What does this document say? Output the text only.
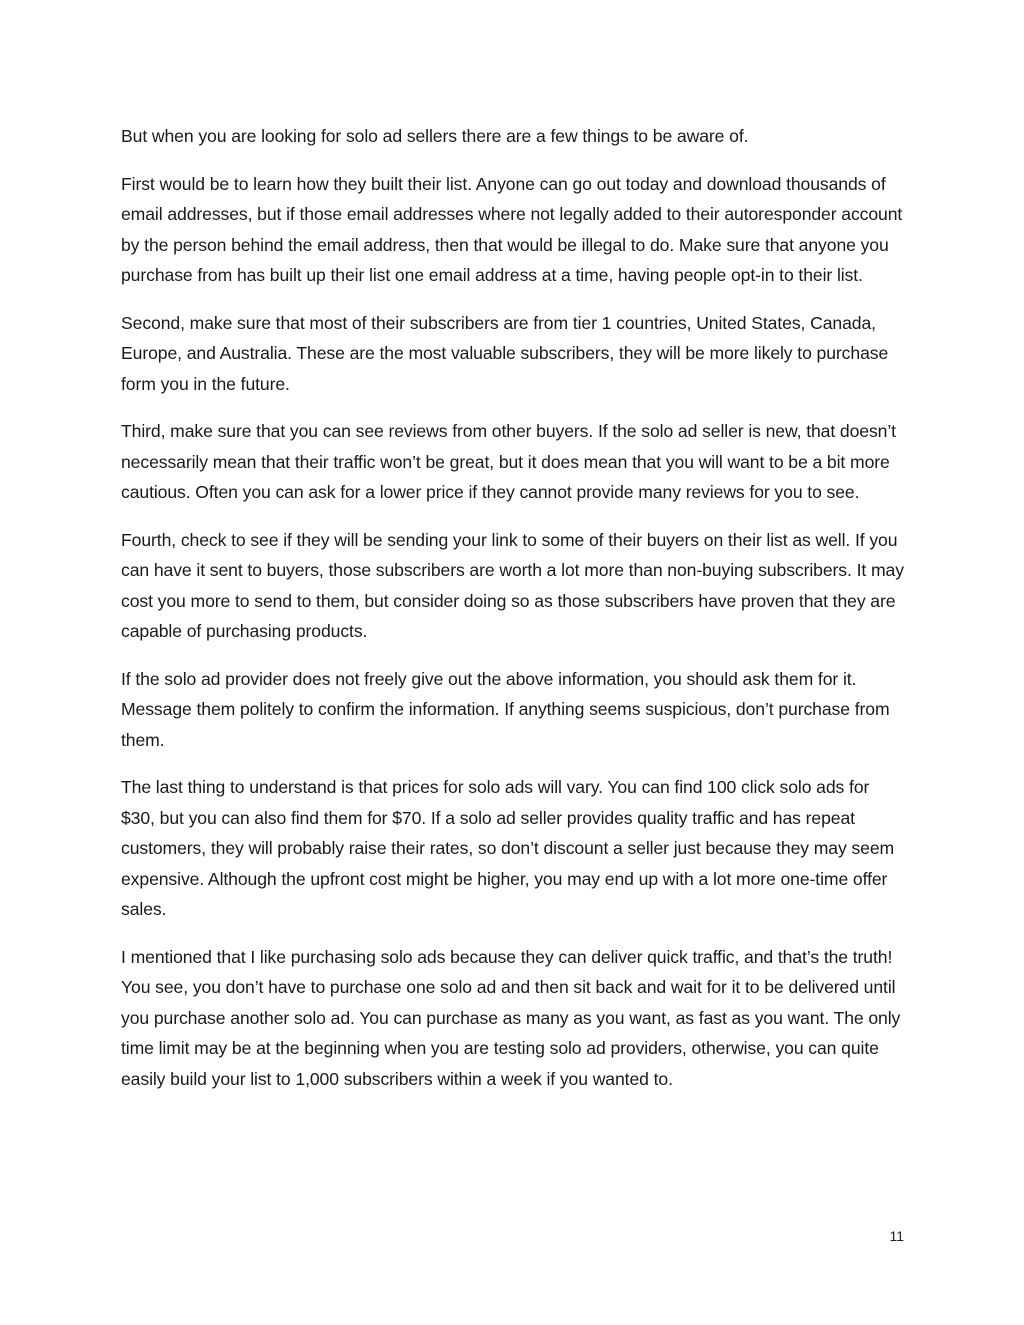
But when you are looking for solo ad sellers there are a few things to be aware of.

First would be to learn how they built their list. Anyone can go out today and download thousands of email addresses, but if those email addresses where not legally added to their autoresponder account by the person behind the email address, then that would be illegal to do. Make sure that anyone you purchase from has built up their list one email address at a time, having people opt-in to their list.

Second, make sure that most of their subscribers are from tier 1 countries, United States, Canada, Europe, and Australia. These are the most valuable subscribers, they will be more likely to purchase form you in the future.

Third, make sure that you can see reviews from other buyers. If the solo ad seller is new, that doesn’t necessarily mean that their traffic won’t be great, but it does mean that you will want to be a bit more cautious. Often you can ask for a lower price if they cannot provide many reviews for you to see.

Fourth, check to see if they will be sending your link to some of their buyers on their list as well. If you can have it sent to buyers, those subscribers are worth a lot more than non-buying subscribers. It may cost you more to send to them, but consider doing so as those subscribers have proven that they are capable of purchasing products.

If the solo ad provider does not freely give out the above information, you should ask them for it. Message them politely to confirm the information. If anything seems suspicious, don’t purchase from them.

The last thing to understand is that prices for solo ads will vary. You can find 100 click solo ads for $30, but you can also find them for $70. If a solo ad seller provides quality traffic and has repeat customers, they will probably raise their rates, so don’t discount a seller just because they may seem expensive. Although the upfront cost might be higher, you may end up with a lot more one-time offer sales.

I mentioned that I like purchasing solo ads because they can deliver quick traffic, and that’s the truth! You see, you don’t have to purchase one solo ad and then sit back and wait for it to be delivered until you purchase another solo ad. You can purchase as many as you want, as fast as you want. The only time limit may be at the beginning when you are testing solo ad providers, otherwise, you can quite easily build your list to 1,000 subscribers within a week if you wanted to.

11
